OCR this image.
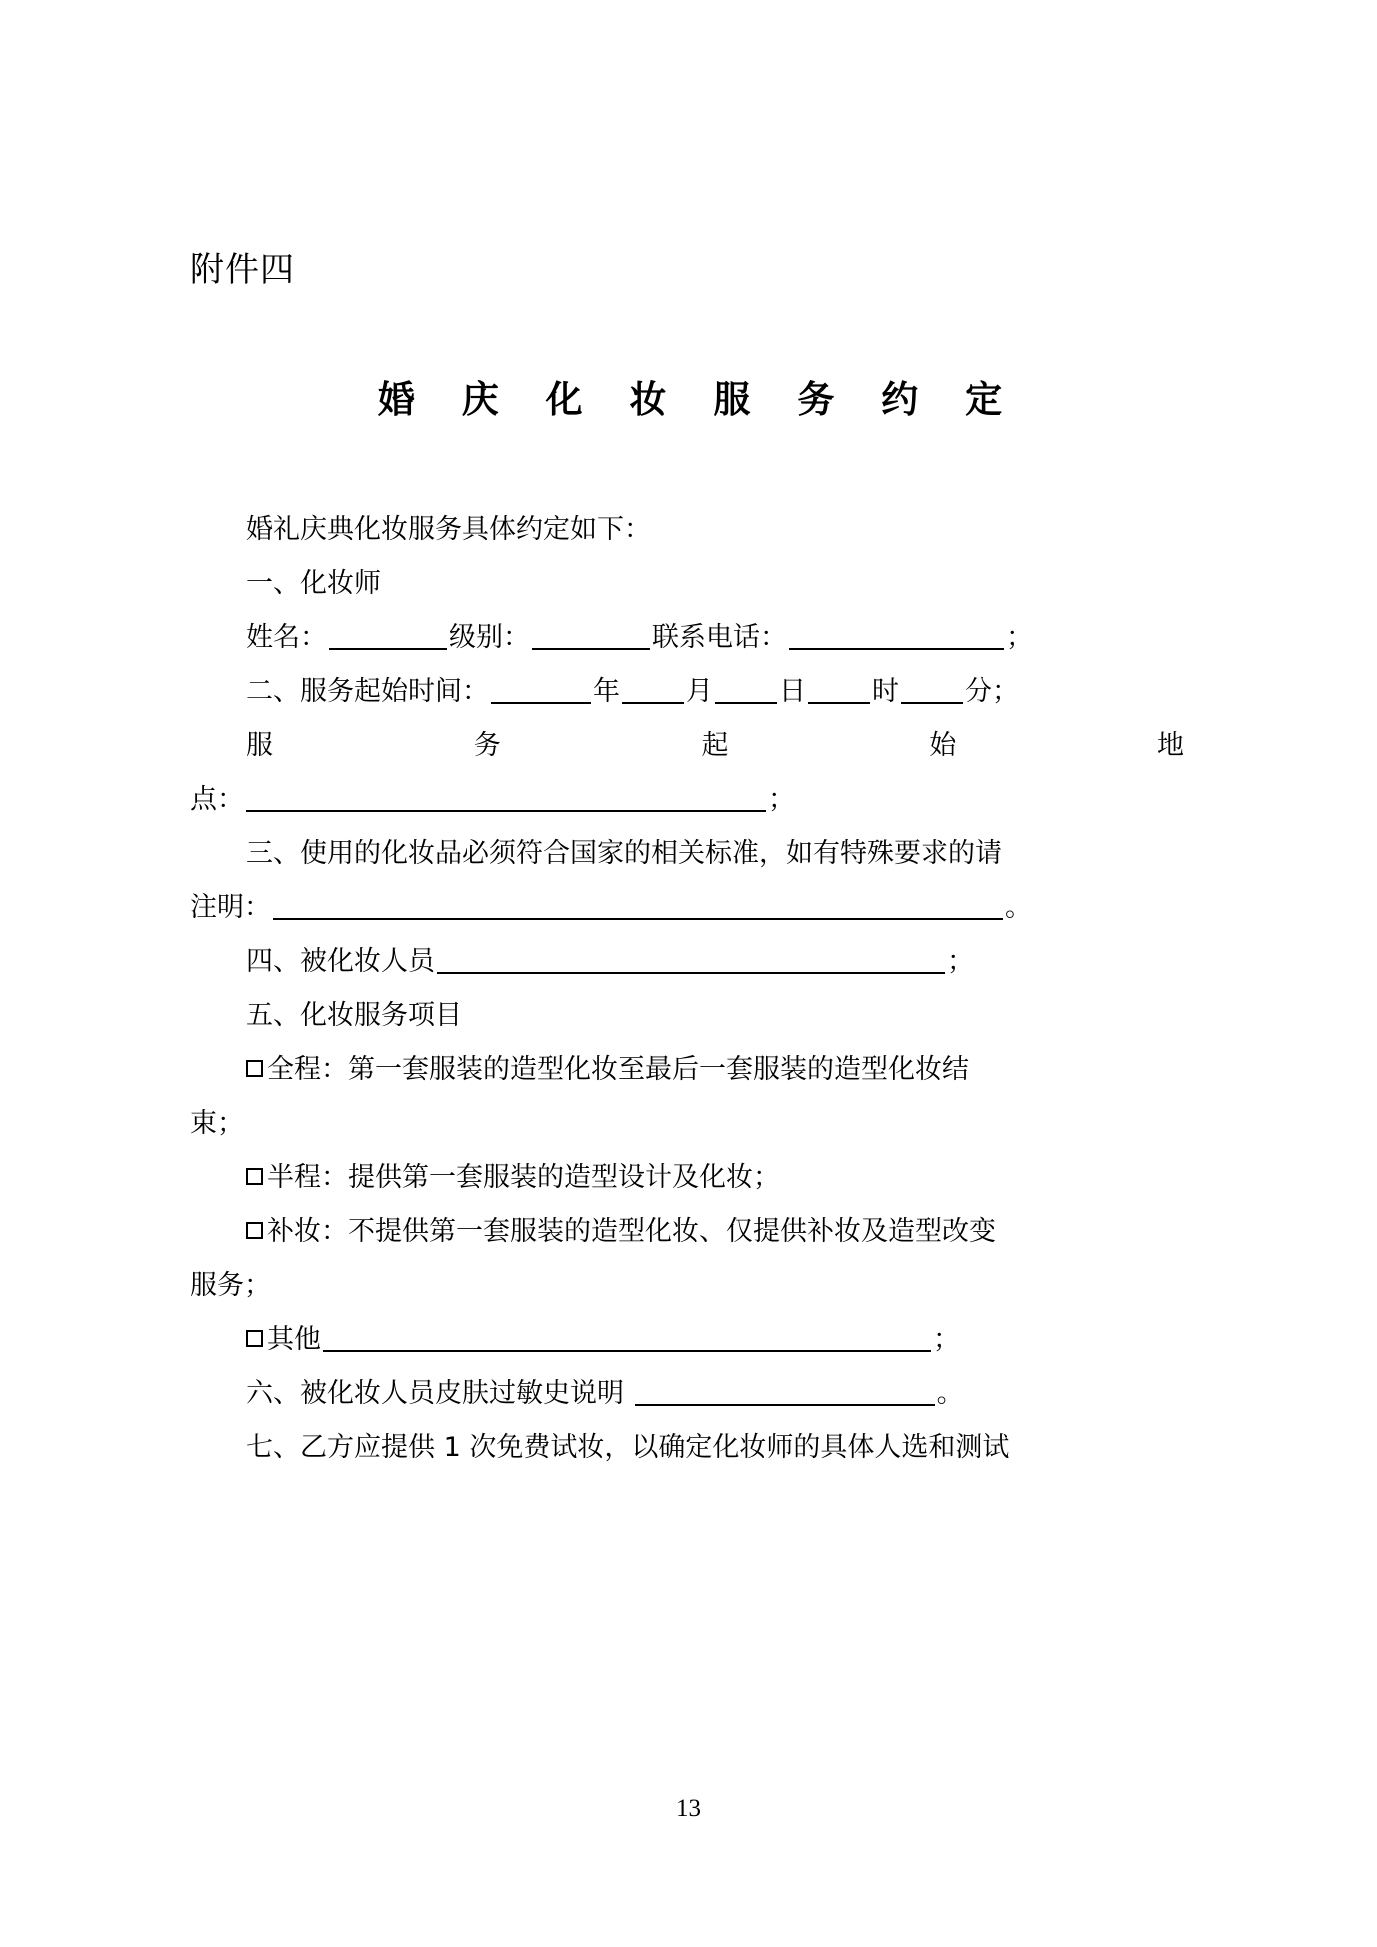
附件四
婚 庆 化 妆 服 务 约 定

婚礼庆典化妆服务具体约定如下：

一、化妆师

姓名：	级别：	联系电话：	；

二、服务起始时间：	年 月 日 时 分；

服	务	起	始	地

点：	；

三、使用的化妆品必须符合国家的相关标准，如有特殊要求的请

注明：	。

四、被化妆人员	；

五、化妆服务项目

全程：第一套服装的造型化妆至最后一套服装的造型化妆结

束；

半程：提供第一套服装的造型设计及化妆；

补妆：不提供第一套服装的造型化妆、仅提供补妆及造型改变

服务；

其他	；

六、被化妆人员皮肤过敏史说明	。

七、乙方应提供 1 次免费试妆，以确定化妆师的具体人选和测试

13
